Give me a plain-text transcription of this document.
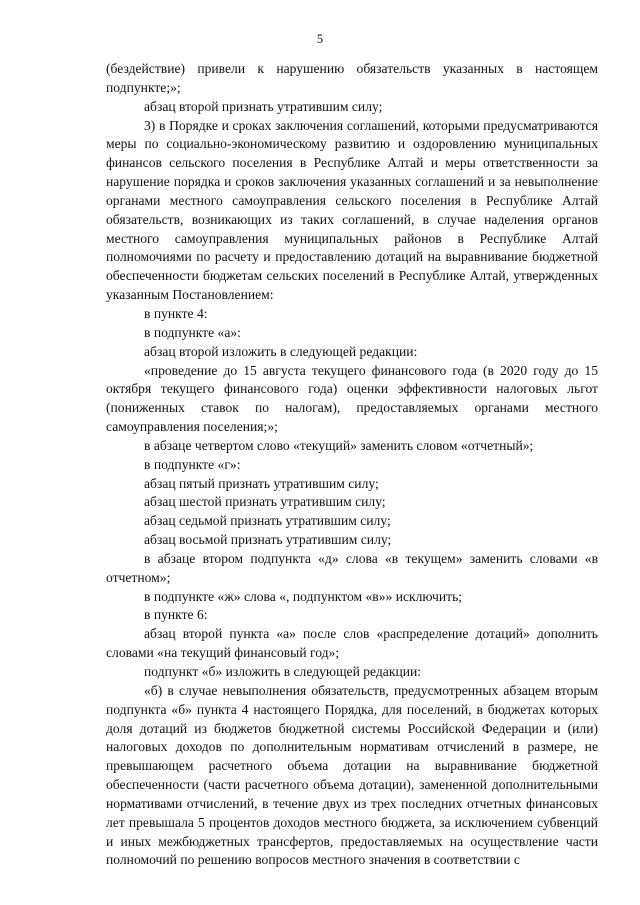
5

(бездействие) привели к нарушению обязательств указанных в настоящем подпункте;»;

абзац второй признать утратившим силу;

3) в Порядке и сроках заключения соглашений, которыми предусматриваются меры по социально-экономическому развитию и оздоровлению муниципальных финансов сельского поселения в Республике Алтай и меры ответственности за нарушение порядка и сроков заключения указанных соглашений и за невыполнение органами местного самоуправления сельского поселения в Республике Алтай обязательств, возникающих из таких соглашений, в случае наделения органов местного самоуправления муниципальных районов в Республике Алтай полномочиями по расчету и предоставлению дотаций на выравнивание бюджетной обеспеченности бюджетам сельских поселений в Республике Алтай, утвержденных указанным Постановлением:

в пункте 4:

в подпункте «а»:

абзац второй изложить в следующей редакции:

«проведение до 15 августа текущего финансового года (в 2020 году до 15 октября текущего финансового года) оценки эффективности налоговых льгот (пониженных ставок по налогам), предоставляемых органами местного самоуправления поселения;»;

в абзаце четвертом слово «текущий» заменить словом «отчетный»;

в подпункте «г»:

абзац пятый признать утратившим силу;

абзац шестой признать утратившим силу;

абзац седьмой признать утратившим силу;

абзац восьмой признать утратившим силу;

в абзаце втором подпункта «д» слова «в текущем» заменить словами «в отчетном»;

в подпункте «ж» слова «, подпунктом «в»» исключить;

в пункте 6:

абзац второй пункта «а» после слов «распределение дотаций» дополнить словами «на текущий финансовый год»;

подпункт «б» изложить в следующей редакции:

«б) в случае невыполнения обязательств, предусмотренных абзацем вторым подпункта «б» пункта 4 настоящего Порядка, для поселений, в бюджетах которых доля дотаций из бюджетов бюджетной системы Российской Федерации и (или) налоговых доходов по дополнительным нормативам отчислений в размере, не превышающем расчетного объема дотации на выравнивание бюджетной обеспеченности (части расчетного объема дотации), замененной дополнительными нормативами отчислений, в течение двух из трех последних отчетных финансовых лет превышала 5 процентов доходов местного бюджета, за исключением субвенций и иных межбюджетных трансфертов, предоставляемых на осуществление части полномочий по решению вопросов местного значения в соответствии с
